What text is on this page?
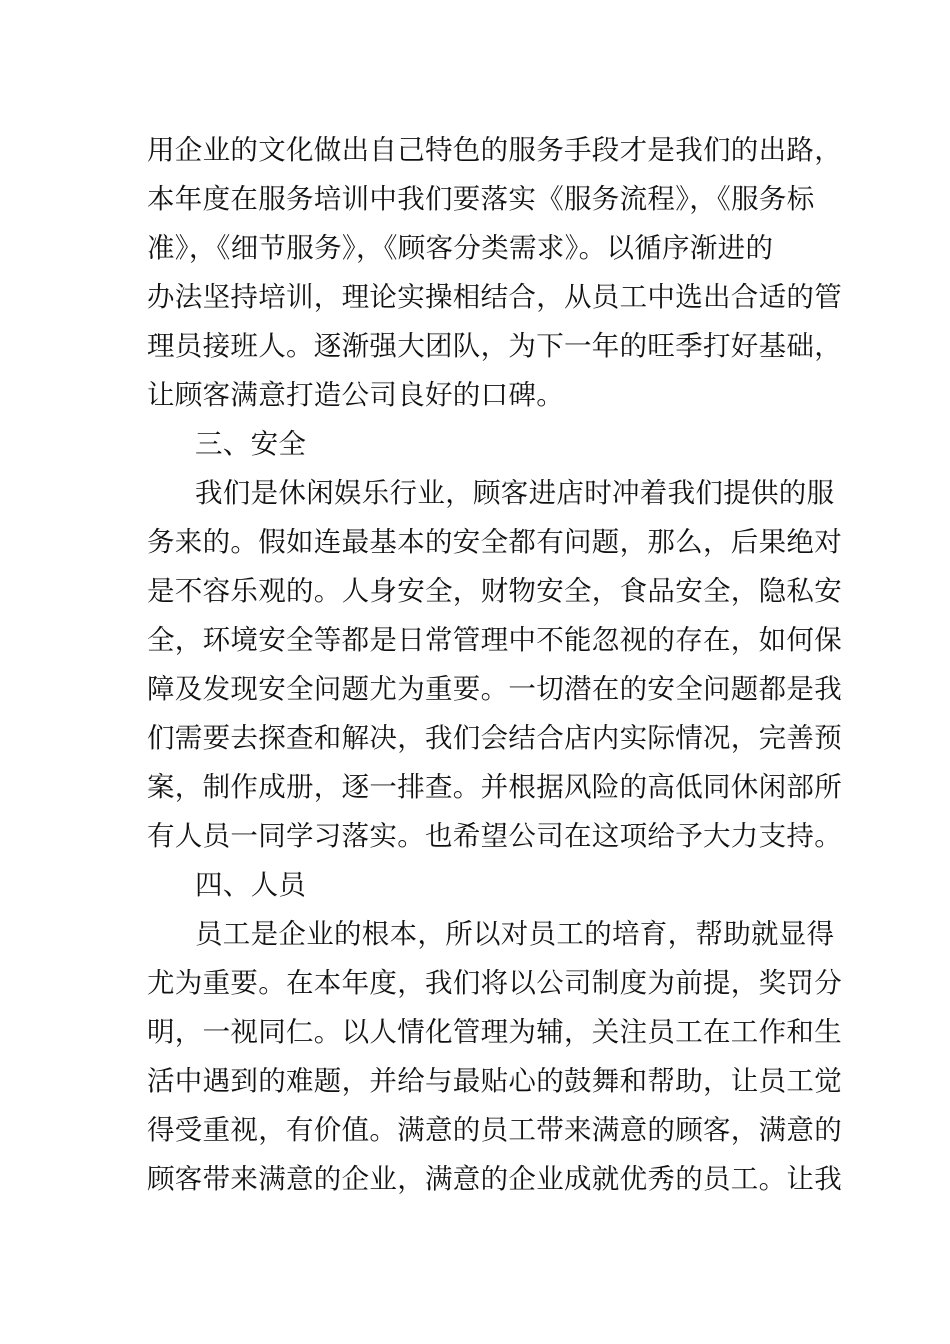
用企业的文化做出自己特色的服务手段才是我们的出路，
本年度在服务培训中我们要落实《服务流程》，《服务标
准》，《细节服务》，《顾客分类需求》。以循序渐进的
办法坚持培训，理论实操相结合，从员工中选出合适的管
理员接班人。逐渐强大团队，为下一年的旺季打好基础，
让顾客满意打造公司良好的口碑。
三、安全
我们是休闲娱乐行业，顾客进店时冲着我们提供的服
务来的。假如连最基本的安全都有问题，那么，后果绝对
是不容乐观的。人身安全，财物安全，食品安全，隐私安
全，环境安全等都是日常管理中不能忽视的存在，如何保
障及发现安全问题尤为重要。一切潜在的安全问题都是我
们需要去探查和解决，我们会结合店内实际情况，完善预
案，制作成册，逐一排查。并根据风险的高低同休闲部所
有人员一同学习落实。也希望公司在这项给予大力支持。
四、人员
员工是企业的根本，所以对员工的培育，帮助就显得
尤为重要。在本年度，我们将以公司制度为前提，奖罚分
明，一视同仁。以人情化管理为辅，关注员工在工作和生
活中遇到的难题，并给与最贴心的鼓舞和帮助，让员工觉
得受重视，有价值。满意的员工带来满意的顾客，满意的
顾客带来满意的企业，满意的企业成就优秀的员工。让我
